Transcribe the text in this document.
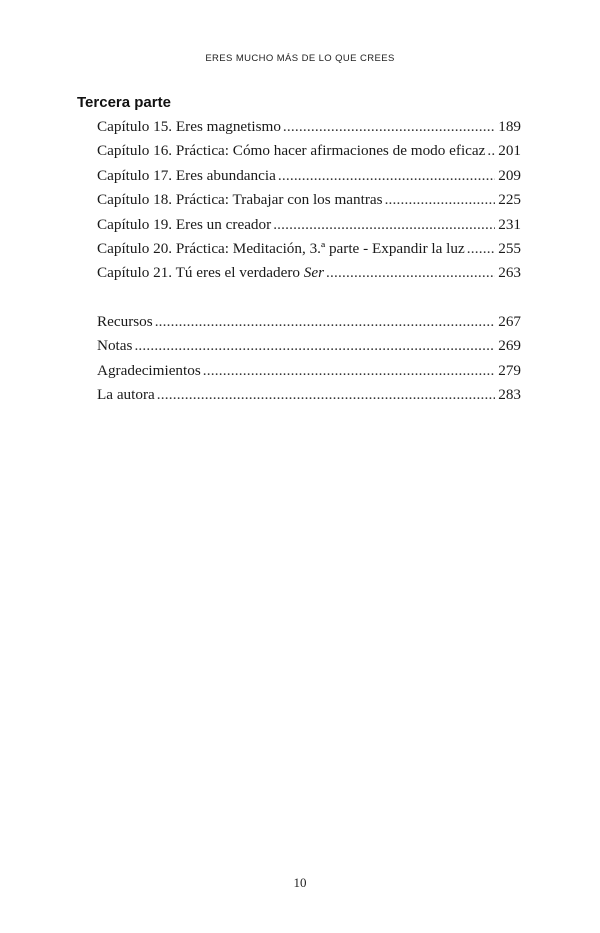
ERES MUCHO MÁS DE LO QUE CREES
Tercera parte
Capítulo 15. Eres magnetismo .....	189
Capítulo 16. Práctica: Cómo hacer afirmaciones de modo eficaz ..... 201
Capítulo 17. Eres abundancia .....	209
Capítulo 18. Práctica: Trabajar con los mantras .....	225
Capítulo 19. Eres un creador .....	231
Capítulo 20. Práctica: Meditación, 3.ª parte - Expandir la luz ..... 255
Capítulo 21. Tú eres el verdadero Ser .....	263
Recursos .....	267
Notas .....	269
Agradecimientos .....	279
La autora .....	283
10
